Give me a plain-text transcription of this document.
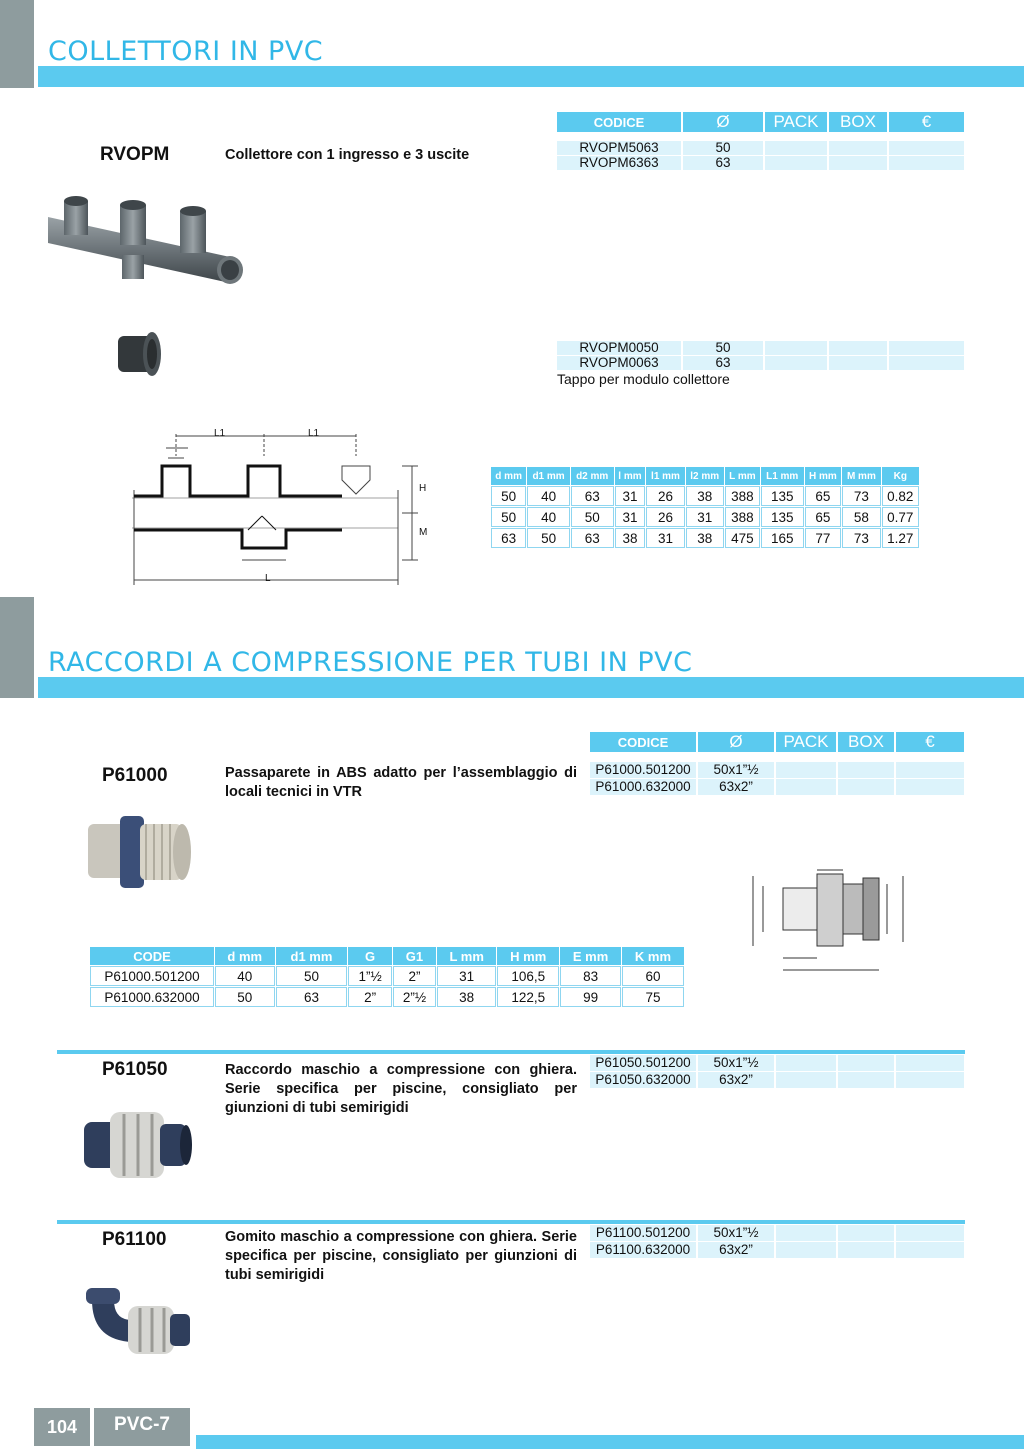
COLLETTORI IN PVC
RVOPM	Collettore con 1 ingresso e 3 uscite
CODICE	Ø	PACK	BOX	€
RVOPM5063	50			
RVOPM6363	63			
RVOPM0050	50			
RVOPM0063	63			
Tappo per modulo collettore
L1	L1
H
M
L
d mm	d1 mm	d2 mm	l mm	l1 mm	l2 mm	L mm	L1 mm	H mm	M mm	Kg
50	40	63	31	26	38	388	135	65	73	0.82
50	40	50	31	26	31	388	135	65	58	0.77
63	50	63	38	31	38	475	165	77	73	1.27
RACCORDI A COMPRESSIONE PER TUBI IN PVC
CODICE	Ø	PACK	BOX	€
P61000	Passaparete in ABS adatto per l’assemblaggio di locali tecnici in VTR
P61000.501200	50x1”½			
P61000.632000	63x2”			
CODE	d mm	d1 mm	G	G1	L mm	H mm	E mm	K mm
P61000.501200	40	50	1”½	2”	31	106,5	83	60
P61000.632000	50	63	2”	2”½	38	122,5	99	75
P61050	Raccordo maschio a compressione con ghiera. Serie specifica per piscine, consigliato per giunzioni di tubi semirigidi
P61050.501200	50x1”½			
P61050.632000	63x2”			
P61100	Gomito maschio a compressione con ghiera. Serie specifica per piscine, consigliato per giunzioni di tubi semirigidi
P61100.501200	50x1”½			
P61100.632000	63x2”			
104	PVC-7
